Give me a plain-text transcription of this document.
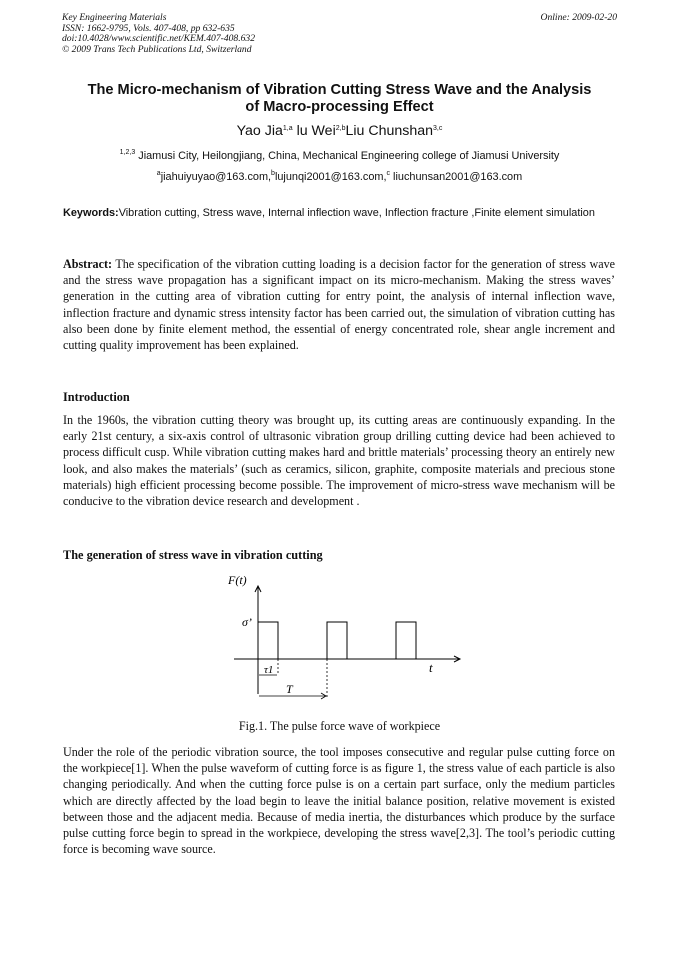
Key Engineering Materials
ISSN: 1662-9795, Vols. 407-408, pp 632-635
doi:10.4028/www.scientific.net/KEM.407-408.632
© 2009 Trans Tech Publications Ltd, Switzerland
Online: 2009-02-20
The Micro-mechanism of Vibration Cutting Stress Wave and the Analysis
of Macro-processing Effect
Yao Jia$^{1,a}$ lu Wei$^{2,b}$Liu Chunshan$^{3,c}$
$^{1,2,3}$ Jiamusi City, Heilongjiang, China, Mechanical Engineering college of Jiamusi University
$^a$jiahuiyuyao@163.com,$^b$lujunqi2001@163.com,$^c$ liuchunsan2001@163.com
Keywords:Vibration cutting, Stress wave, Internal inflection wave, Inflection fracture ,Finite element simulation
Abstract: The specification of the vibration cutting loading is a decision factor for the generation of stress wave and the stress wave propagation has a significant impact on its micro-mechanism. Making the stress waves’ generation in the cutting area of vibration cutting for entry point, the analysis of internal inflection wave, inflection fracture and dynamic stress intensity factor has been carried out, the simulation of vibration cutting has also been done by finite element method, the essential of energy concentrated role, shear angle increment and cutting quality improvement has been explained.
Introduction
In the 1960s, the vibration cutting theory was brought up, its cutting areas are continuously expanding. In the early 21st century, a six-axis control of ultrasonic vibration group drilling cutting device had been achieved to process difficult cusp. While vibration cutting makes hard and brittle materials’ processing theory an entirely new look, and also makes the materials’ (such as ceramics, silicon, graphite, composite materials and precious stone materials) high efficient processing become possible. The improvement of micro-stress wave mechanism will be conducive to the vibration device research and development .
The generation of stress wave in vibration cutting
F(t)
σ’
t
τ1
T
Fig.1. The pulse force wave of workpiece
Under the role of the periodic vibration source, the tool imposes consecutive and regular pulse cutting force on the workpiece[1]. When the pulse waveform of cutting force is as figure 1, the stress value of each particle is also changing periodically. And when the cutting force pulse is on a certain part surface, only the medium particles which are directly affected by the load begin to leave the initial balance position, relative movement is existed between those and the adjacent media. Because of media inertia, the disturbances which produce by the surface pulse cutting force begin to spread in the workpiece, developing the stress wave[2,3]. The tool’s periodic cutting force is becoming wave source.
